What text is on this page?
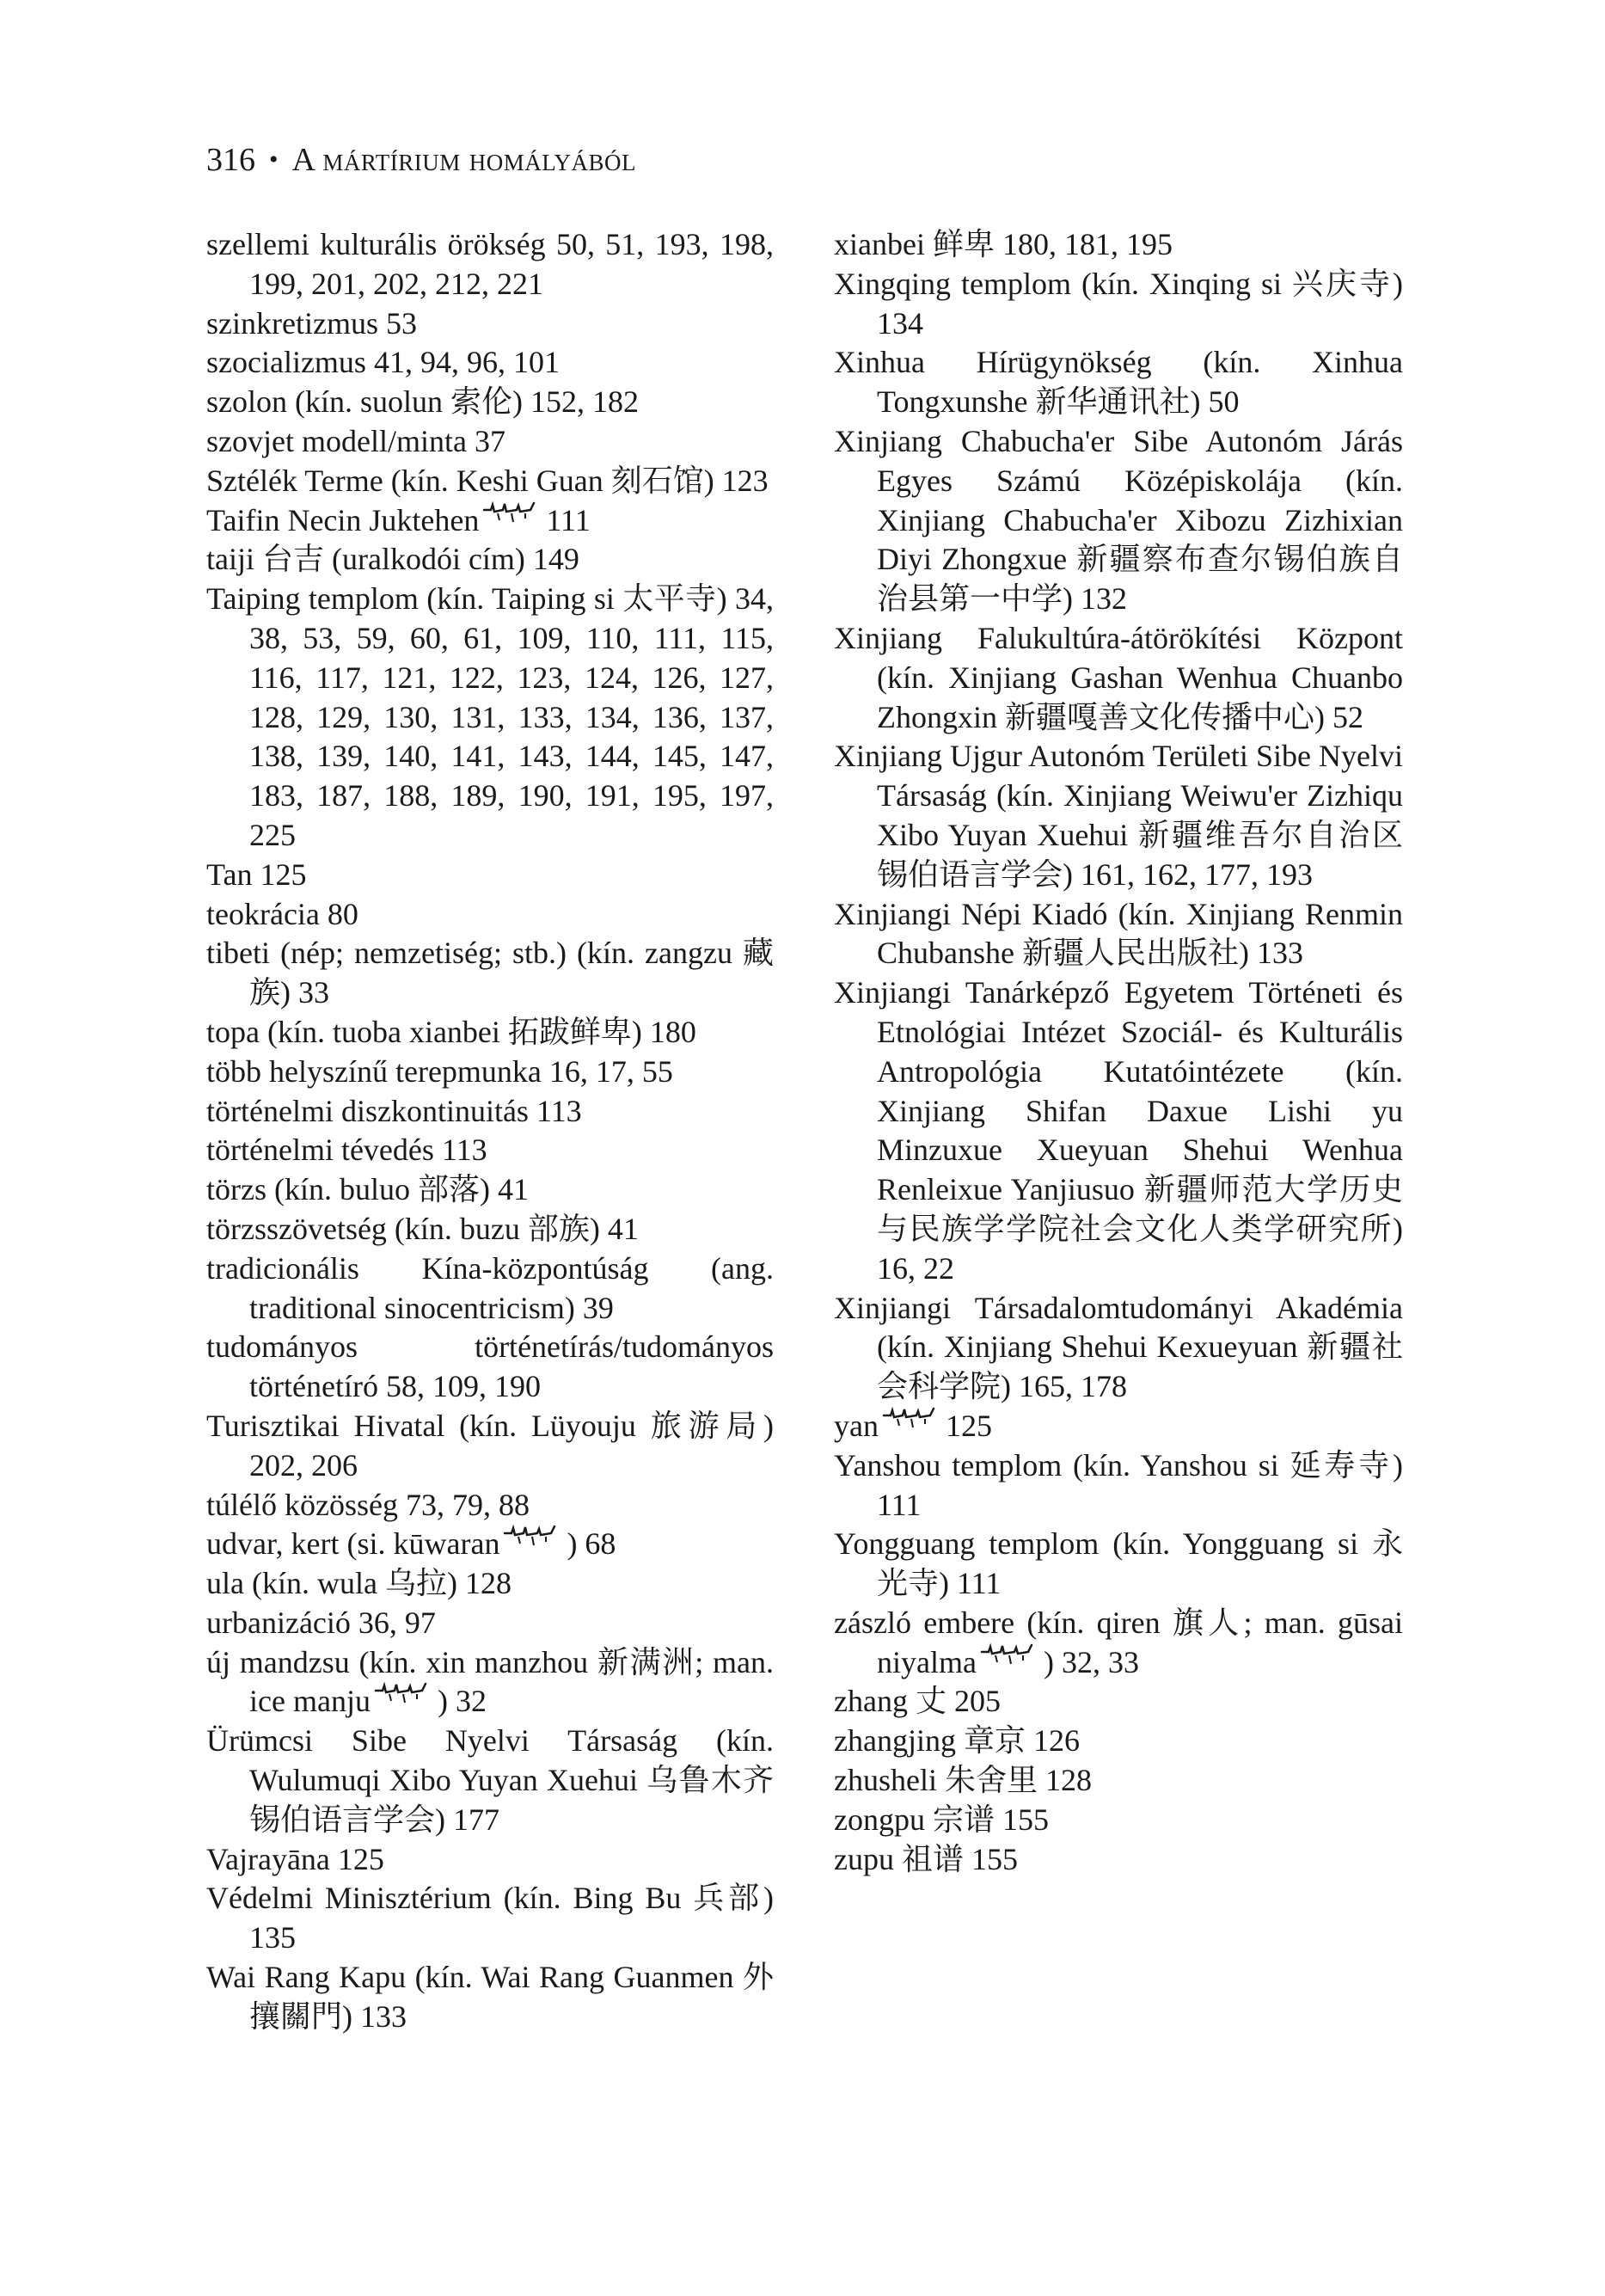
316 • A mártírium homályából
szellemi kulturális örökség 50, 51, 193, 198, 199, 201, 202, 212, 221
szinkretizmus 53
szocializmus 41, 94, 96, 101
szolon (kín. suolun 索伦) 152, 182
szovjet modell/minta 37
Sztélék Terme (kín. Keshi Guan 刻石馆) 123
Taifin Necin Juktehen 111
taiji 台吉 (uralkodói cím) 149
Taiping templom (kín. Taiping si 太平寺) 34, 38, 53, 59, 60, 61, 109, 110, 111, 115, 116, 117, 121, 122, 123, 124, 126, 127, 128, 129, 130, 131, 133, 134, 136, 137, 138, 139, 140, 141, 143, 144, 145, 147, 183, 187, 188, 189, 190, 191, 195, 197, 225
Tan 125
teokrácia 80
tibeti (nép; nemzetiség; stb.) (kín. zangzu 藏族) 33
topa (kín. tuoba xianbei 拓跋鲜卑) 180
több helyszínű terepmunka 16, 17, 55
történelmi diszkontinuitás 113
történelmi tévedés 113
törzs (kín. buluo 部落) 41
törzsszövetség (kín. buzu 部族) 41
tradicionális Kína-központúság (ang. traditional sinocentricism) 39
tudományos történetírás/tudományos történetíró 58, 109, 190
Turisztikai Hivatal (kín. Lüyouju 旅游局) 202, 206
túlélő közösség 73, 79, 88
udvar, kert (si. kūwaran ) 68
ula (kín. wula 乌拉) 128
urbanizáció 36, 97
új mandzsu (kín. xin manzhou 新满洲; man. ice manju ) 32
Ürümcsi Sibe Nyelvi Társaság (kín. Wulumuqi Xibo Yuyan Xuehui 乌鲁木齐锡伯语言学会) 177
Vajrayāna 125
Védelmi Minisztérium (kín. Bing Bu 兵部) 135
Wai Rang Kapu (kín. Wai Rang Guanmen 外攘關門) 133
xianbei 鲜卑 180, 181, 195
Xingqing templom (kín. Xinqing si 兴庆寺) 134
Xinhua Hírügynökség (kín. Xinhua Tongxunshe 新华通讯社) 50
Xinjiang Chabucha'er Sibe Autonóm Járás Egyes Számú Középiskolája (kín. Xinjiang Chabucha'er Xibozu Zizhixian Diyi Zhongxue 新疆察布查尔锡伯族自治县第一中学) 132
Xinjiang Falukultúra-átörökítési Központ (kín. Xinjiang Gashan Wenhua Chuanbo Zhongxin 新疆嘎善文化传播中心) 52
Xinjiang Ujgur Autonóm Területi Sibe Nyelvi Társaság (kín. Xinjiang Weiwu'er Zizhiqu Xibo Yuyan Xuehui 新疆维吾尔自治区锡伯语言学会) 161, 162, 177, 193
Xinjiangi Népi Kiadó (kín. Xinjiang Renmin Chubanshe 新疆人民出版社) 133
Xinjiangi Tanárképző Egyetem Történeti és Etnológiai Intézet Szociál- és Kulturális Antropológia Kutatóintézete (kín. Xinjiang Shifan Daxue Lishi yu Minzuxue Xueyuan Shehui Wenhua Renleixue Yanjiusuo 新疆师范大学历史与民族学学院社会文化人类学研究所) 16, 22
Xinjiangi Társadalomtudományi Akadémia (kín. Xinjiang Shehui Kexueyuan 新疆社会科学院) 165, 178
yan 125
Yanshou templom (kín. Yanshou si 延寿寺) 111
Yongguang templom (kín. Yongguang si 永光寺) 111
zászló embere (kín. qiren 旗人; man. gūsai niyalma ) 32, 33
zhang 丈 205
zhangjing 章京 126
zhusheli 朱舍里 128
zongpu 宗谱 155
zupu 祖谱 155
